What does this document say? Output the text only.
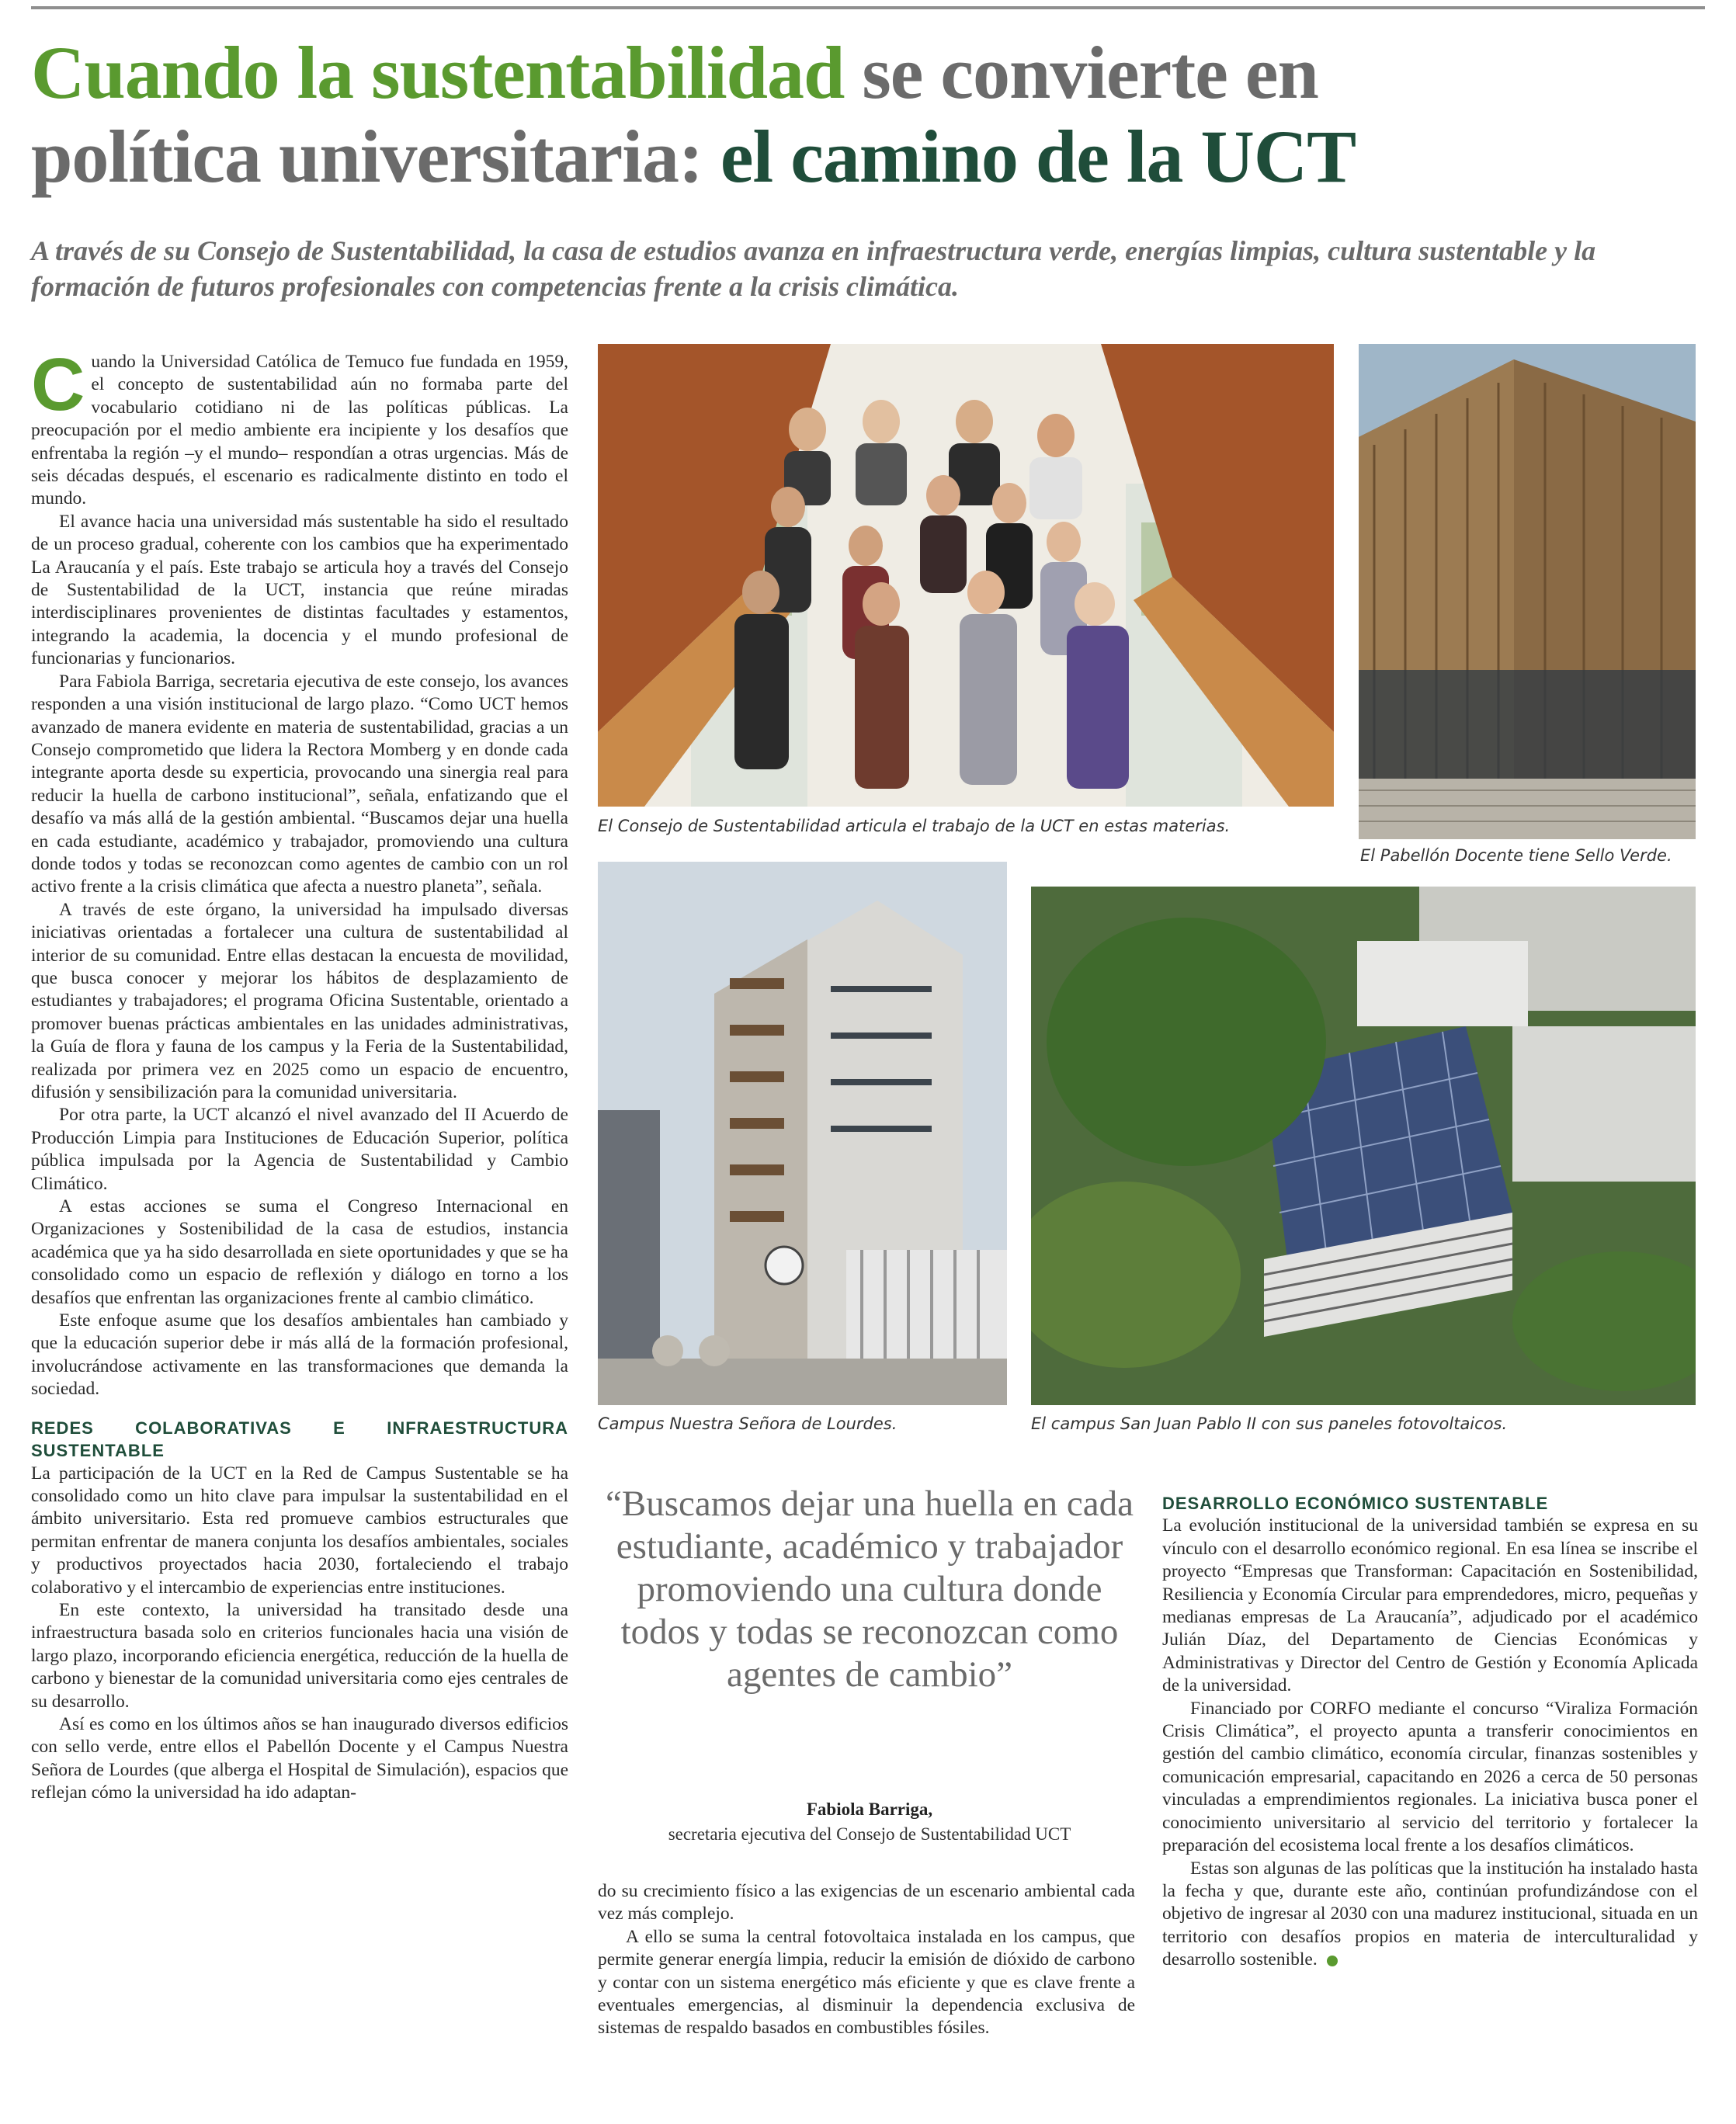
Cuando la sustentabilidad se convierte en
política universitaria: el camino de la UCT
A través de su Consejo de Sustentabilidad, la casa de estudios avanza en infraestructura verde, energías limpias, cultura sustentable y la formación de futuros profesionales con competencias frente a la crisis climática.

Cuando la Universidad Católica de Temuco fue fundada en 1959, el concepto de sustentabilidad aún no formaba parte del vocabulario cotidiano ni de las políticas públicas. La preocupación por el medio ambiente era incipiente y los desafíos que enfrentaba la región –y el mundo– respondían a otras urgencias. Más de seis décadas después, el escenario es radicalmente distinto en todo el mundo.

El avance hacia una universidad más sustentable ha sido el resultado de un proceso gradual, coherente con los cambios que ha experimentado La Araucanía y el país. Este trabajo se articula hoy a través del Consejo de Sustentabilidad de la UCT, instancia que reúne miradas interdisciplinares provenientes de distintas facultades y estamentos, integrando la academia, la docencia y el mundo profesional de funcionarias y funcionarios.

Para Fabiola Barriga, secretaria ejecutiva de este consejo, los avances responden a una visión institucional de largo plazo. “Como UCT hemos avanzado de manera evidente en materia de sustentabilidad, gracias a un Consejo comprometido que lidera la Rectora Momberg y en donde cada integrante aporta desde su experticia, provocando una sinergia real para reducir la huella de carbono institucional”, señala, enfatizando que el desafío va más allá de la gestión ambiental. “Buscamos dejar una huella en cada estudiante, académico y trabajador, promoviendo una cultura donde todos y todas se reconozcan como agentes de cambio con un rol activo frente a la crisis climática que afecta a nuestro planeta”, señala.

A través de este órgano, la universidad ha impulsado diversas iniciativas orientadas a fortalecer una cultura de sustentabilidad al interior de su comunidad. Entre ellas destacan la encuesta de movilidad, que busca conocer y mejorar los hábitos de desplazamiento de estudiantes y trabajadores; el programa Oficina Sustentable, orientado a promover buenas prácticas ambientales en las unidades administrativas, la Guía de flora y fauna de los campus y la Feria de la Sustentabilidad, realizada por primera vez en 2025 como un espacio de encuentro, difusión y sensibilización para la comunidad universitaria.

Por otra parte, la UCT alcanzó el nivel avanzado del II Acuerdo de Producción Limpia para Instituciones de Educación Superior, política pública impulsada por la Agencia de Sustentabilidad y Cambio Climático.

A estas acciones se suma el Congreso Internacional en Organizaciones y Sostenibilidad de la casa de estudios, instancia académica que ya ha sido desarrollada en siete oportunidades y que se ha consolidado como un espacio de reflexión y diálogo en torno a los desafíos que enfrentan las organizaciones frente al cambio climático.

Este enfoque asume que los desafíos ambientales han cambiado y que la educación superior debe ir más allá de la formación profesional, involucrándose activamente en las transformaciones que demanda la sociedad.

REDES COLABORATIVAS E INFRAESTRUCTURA SUSTENTABLE

La participación de la UCT en la Red de Campus Sustentable se ha consolidado como un hito clave para impulsar la sustentabilidad en el ámbito universitario. Esta red promueve cambios estructurales que permitan enfrentar de manera conjunta los desafíos ambientales, sociales y productivos proyectados hacia 2030, fortaleciendo el trabajo colaborativo y el intercambio de experiencias entre instituciones.

En este contexto, la universidad ha transitado desde una infraestructura basada solo en criterios funcionales hacia una visión de largo plazo, incorporando eficiencia energética, reducción de la huella de carbono y bienestar de la comunidad universitaria como ejes centrales de su desarrollo.

Así es como en los últimos años se han inaugurado diversos edificios con sello verde, entre ellos el Pabellón Docente y el Campus Nuestra Señora de Lourdes (que alberga el Hospital de Simulación), espacios que reflejan cómo la universidad ha ido adaptan-

El Consejo de Sustentabilidad articula el trabajo de la UCT en estas materias.
El Pabellón Docente tiene Sello Verde.
Campus Nuestra Señora de Lourdes.	El campus San Juan Pablo II con sus paneles fotovoltaicos.
“Buscamos dejar una huella en cada estudiante, académico y trabajador promoviendo una cultura donde todos y todas se reconozcan como agentes de cambio”
Fabiola Barriga,
secretaria ejecutiva del Consejo de Sustentabilidad UCT

do su crecimiento físico a las exigencias de un escenario ambiental cada vez más complejo.

A ello se suma la central fotovoltaica instalada en los campus, que permite generar energía limpia, reducir la emisión de dióxido de carbono y contar con un sistema energético más eficiente y que es clave frente a eventuales emergencias, al disminuir la dependencia exclusiva de sistemas de respaldo basados en combustibles fósiles.

DESARROLLO ECONÓMICO SUSTENTABLE

La evolución institucional de la universidad también se expresa en su vínculo con el desarrollo económico regional. En esa línea se inscribe el proyecto “Empresas que Transforman: Capacitación en Sostenibilidad, Resiliencia y Economía Circular para emprendedores, micro, pequeñas y medianas empresas de La Araucanía”, adjudicado por el académico Julián Díaz, del Departamento de Ciencias Económicas y Administrativas y Director del Centro de Gestión y Economía Aplicada de la universidad.

Financiado por CORFO mediante el concurso “Viraliza Formación Crisis Climática”, el proyecto apunta a transferir conocimientos en gestión del cambio climático, economía circular, finanzas sostenibles y comunicación empresarial, capacitando en 2026 a cerca de 50 personas vinculadas a emprendimientos regionales. La iniciativa busca poner el conocimiento universitario al servicio del territorio y fortalecer la preparación del ecosistema local frente a los desafíos climáticos.

Estas son algunas de las políticas que la institución ha instalado hasta la fecha y que, durante este año, continúan profundizándose con el objetivo de ingresar al 2030 con una madurez institucional, situada en un territorio con desafíos propios en materia de interculturalidad y desarrollo sostenible.
